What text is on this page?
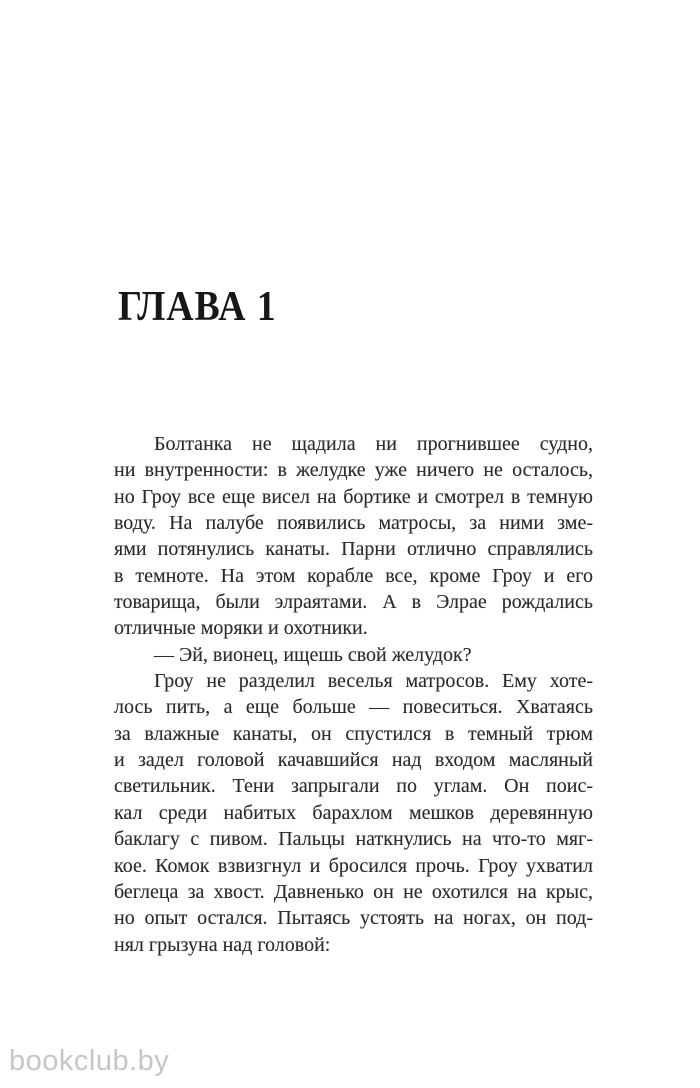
ГЛАВА 1
Болтанка не щадила ни прогнившее судно,
ни внутренности: в желудке уже ничего не осталось,
но Гроу все еще висел на бортике и смотрел в темную
воду. На палубе появились матросы, за ними зме-
ями потянулись канаты. Парни отлично справлялись
в темноте. На этом корабле все, кроме Гроу и его
товарища, были элраятами. А в Элрае рождались
отличные моряки и охотники.
— Эй, вионец, ищешь свой желудок?
Гроу не разделил веселья матросов. Ему хоте-
лось пить, а еще больше — повеситься. Хватаясь
за влажные канаты, он спустился в темный трюм
и задел головой качавшийся над входом масляный
светильник. Тени запрыгали по углам. Он поис-
кал среди набитых барахлом мешков деревянную
баклагу с пивом. Пальцы наткнулись на что-то мяг-
кое. Комок взвизгнул и бросился прочь. Гроу ухватил
беглеца за хвост. Давненько он не охотился на крыс,
но опыт остался. Пытаясь устоять на ногах, он под-
нял грызуна над головой:
bookclub.by
